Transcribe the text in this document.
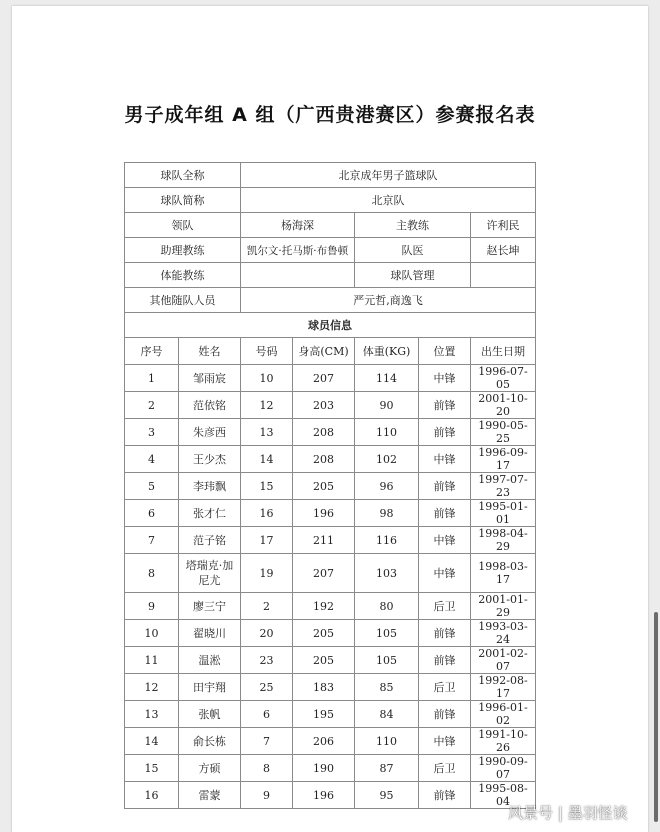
男子成年组 A 组（广西贵港赛区）参赛报名表
球队全称		北京成年男子篮球队				
球队简称		北京队				
领队		杨海深		主教练		许利民
助理教练		凯尔文·托马斯·布鲁顿		队医		赵长坤
体能教练				球队管理		
其他随队人员		严元哲,商逸飞				
球员信息						
序号	姓名	号码	身高(CM)	体重(KG)	位置	出生日期
1	邹雨宸	10	207	114	中锋	1996-07-05
2	范依铭	12	203	90	前锋	2001-10-20
3	朱彦西	13	208	110	前锋	1990-05-25
4	王少杰	14	208	102	中锋	1996-09-17
5	李玮飘	15	205	96	前锋	1997-07-23
6	张才仁	16	196	98	前锋	1995-01-01
7	范子铭	17	211	116	中锋	1998-04-29
8	塔瑞克·加尼尤	19	207	103	中锋	1998-03-17
9	廖三宁	2	192	80	后卫	2001-01-29
10	翟晓川	20	205	105	前锋	1993-03-24
11	温淞	23	205	105	前锋	2001-02-07
12	田宇翔	25	183	85	后卫	1992-08-17
13	张帆	6	195	84	前锋	1996-01-02
14	俞长栋	7	206	110	中锋	1991-10-26
15	方硕	8	190	87	后卫	1990-09-07
16	雷蒙	9	196	95	前锋	1995-08-04
风景号 | 墨羽怪谈
